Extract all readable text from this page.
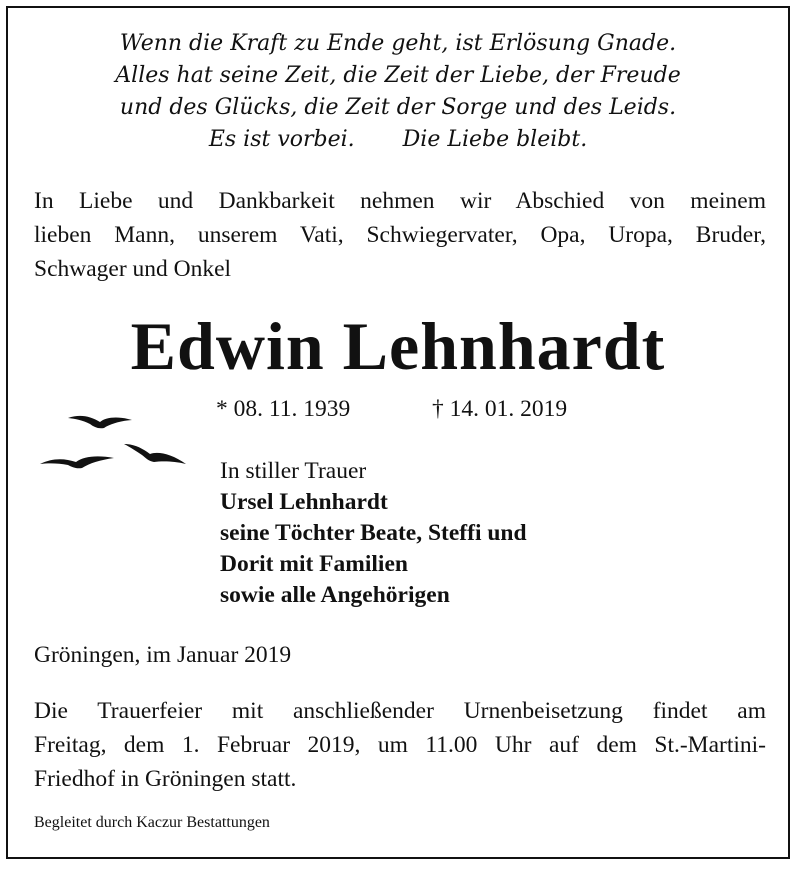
Wenn die Kraft zu Ende geht, ist Erlösung Gnade.
Alles hat seine Zeit, die Zeit der Liebe, der Freude
und des Glücks, die Zeit der Sorge und des Leids.
Es ist vorbei. Die Liebe bleibt.
In Liebe und Dankbarkeit nehmen wir Abschied von meinem
lieben Mann, unserem Vati, Schwiegervater, Opa, Uropa, Bruder,
Schwager und Onkel
Edwin Lehnhardt
* 08. 11. 1939	† 14. 01. 2019
In stiller Trauer
Ursel Lehnhardt
seine Töchter Beate, Steffi und
Dorit mit Familien
sowie alle Angehörigen
Gröningen, im Januar 2019
Die Trauerfeier mit anschließender Urnenbeisetzung findet am
Freitag, dem 1. Februar 2019, um 11.00 Uhr auf dem St.-Martini-
Friedhof in Gröningen statt.
Begleitet durch Kaczur Bestattungen
